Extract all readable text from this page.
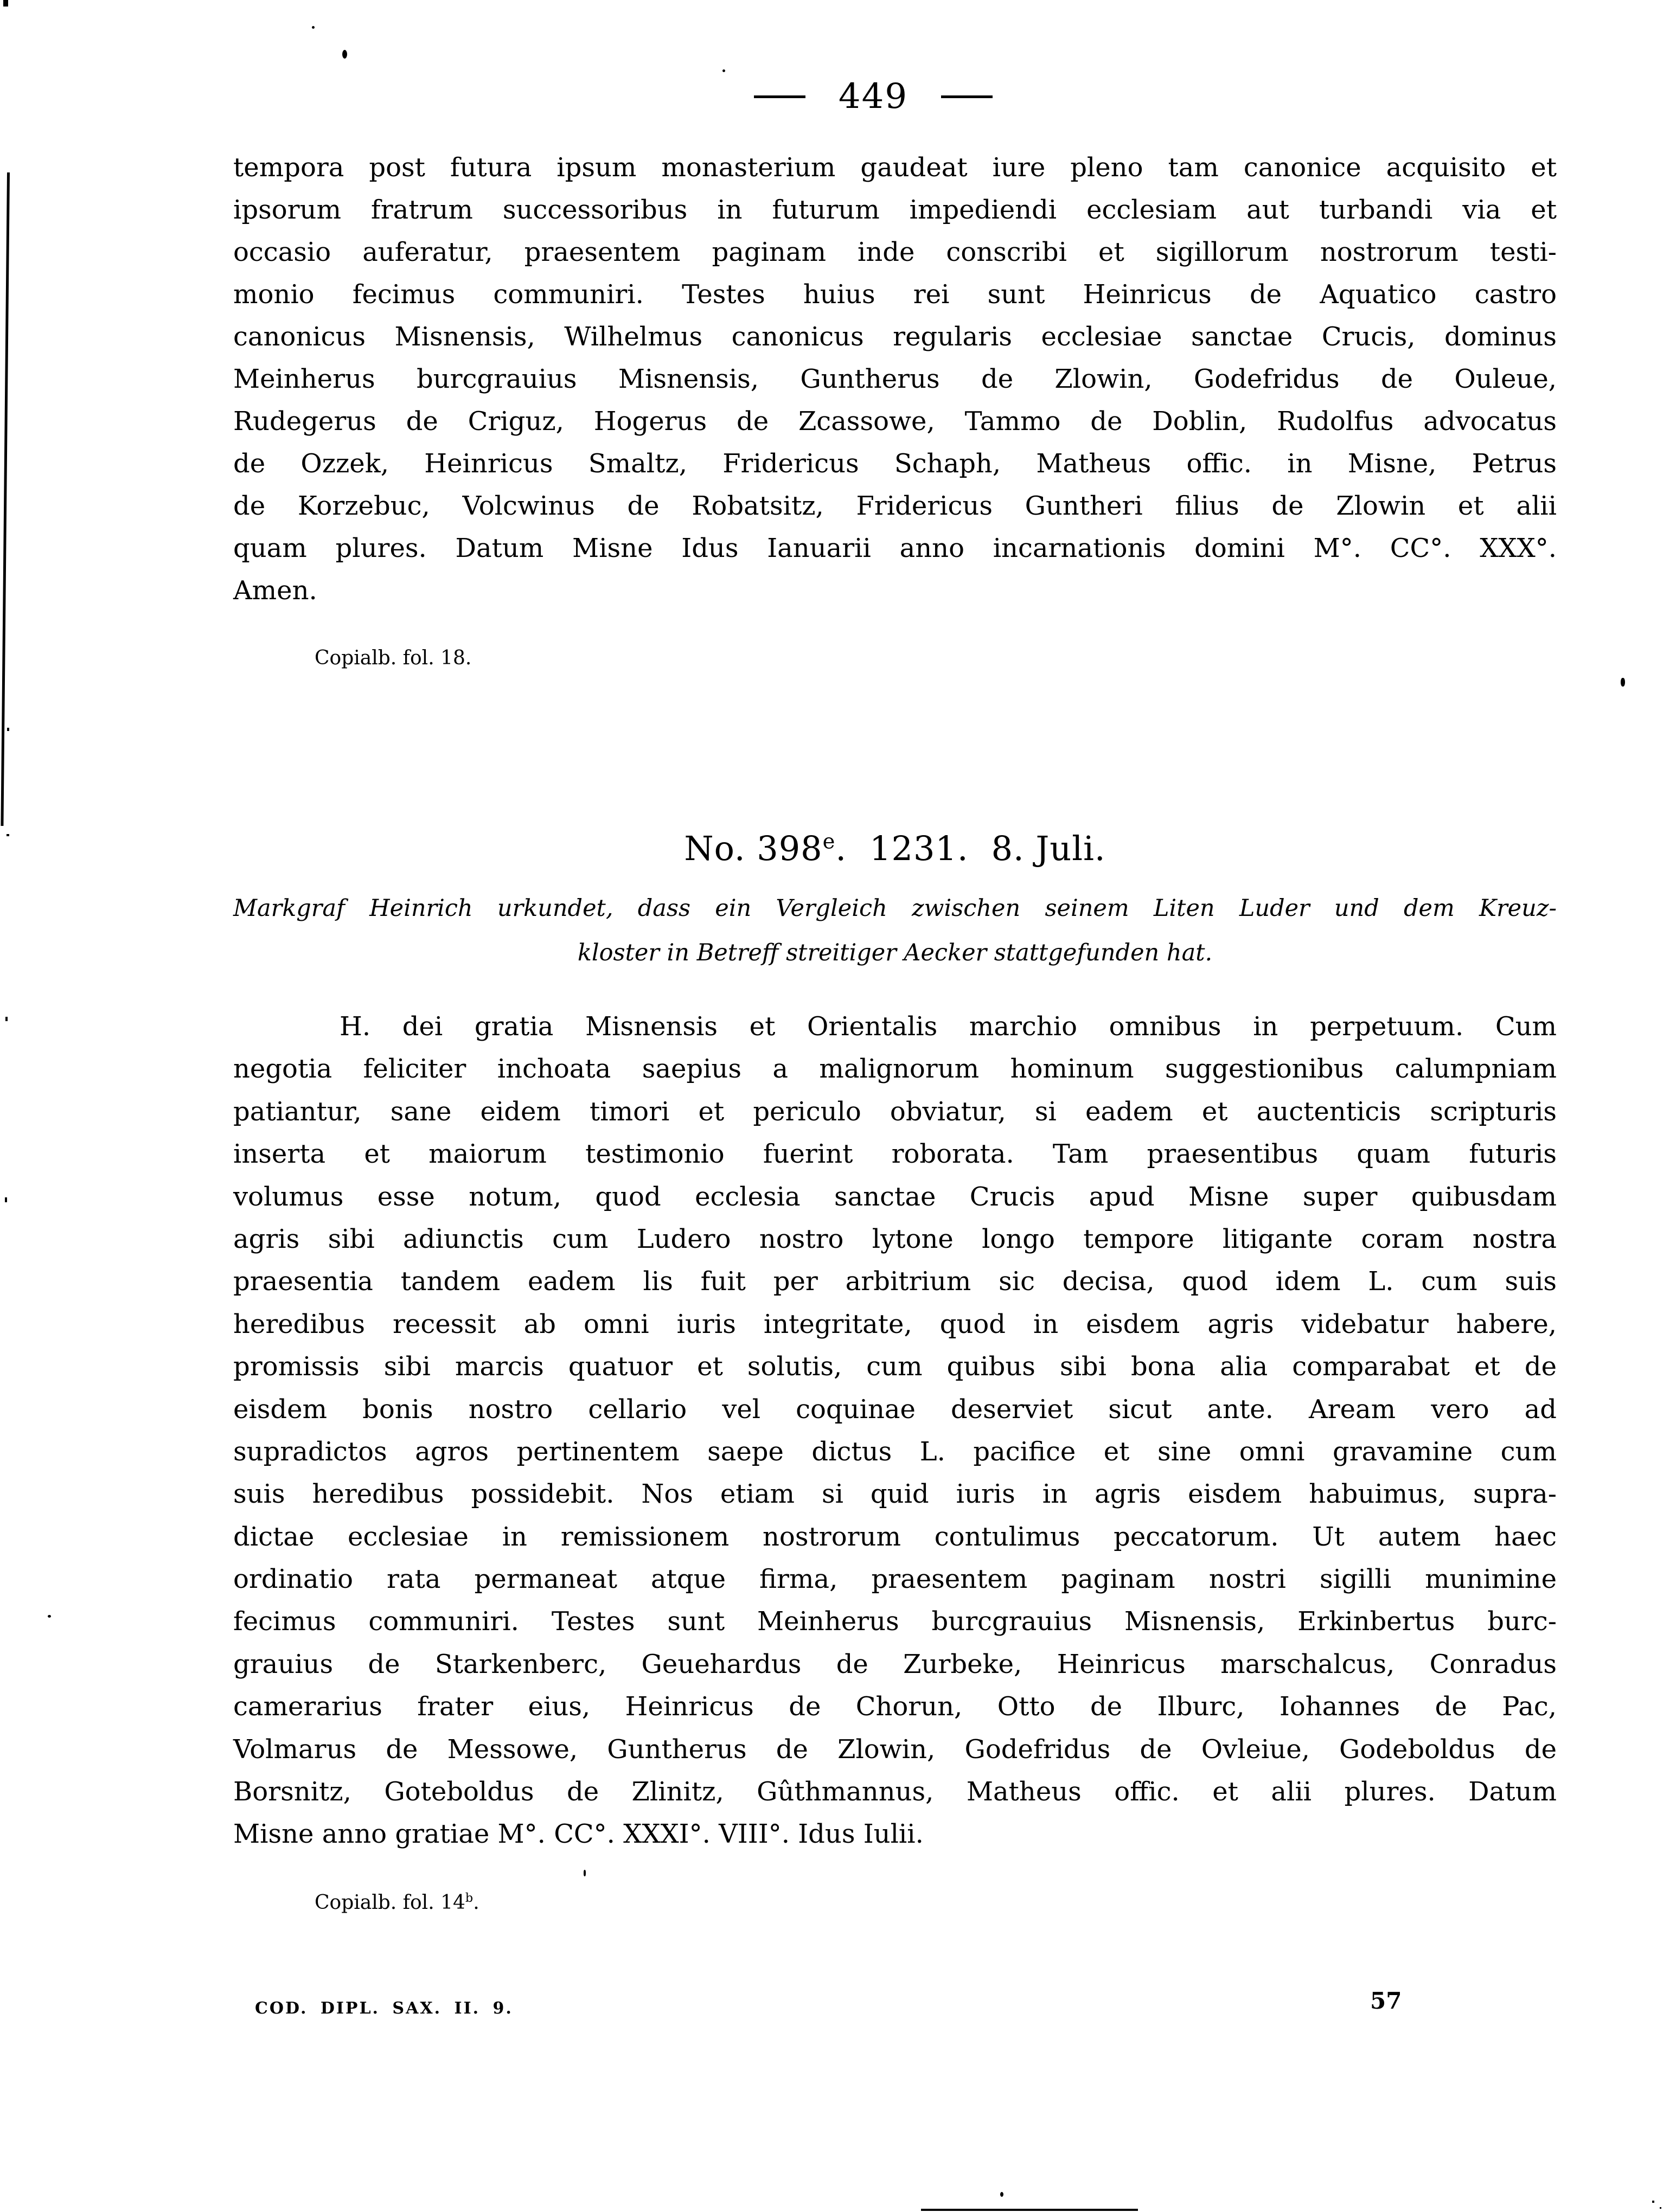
449
tempora post futura ipsum monasterium gaudeat iure pleno tam canonice acquisito et
ipsorum fratrum successoribus in futurum impediendi ecclesiam aut turbandi via et
occasio auferatur, praesentem paginam inde conscribi et sigillorum nostrorum testi-
monio fecimus communiri. Testes huius rei sunt Heinricus de Aquatico castro
canonicus Misnensis, Wilhelmus canonicus regularis ecclesiae sanctae Crucis, dominus
Meinherus burcgrauius Misnensis, Guntherus de Zlowin, Godefridus de Ouleue,
Rudegerus de Criguz, Hogerus de Zcassowe, Tammo de Doblin, Rudolfus advocatus
de Ozzek, Heinricus Smaltz, Fridericus Schaph, Matheus offic. in Misne, Petrus
de Korzebuc, Volcwinus de Robatsitz, Fridericus Guntheri filius de Zlowin et alii
quam plures. Datum Misne Idus Ianuarii anno incarnationis domini M°. CC°. XXX°.
Amen.
Copialb. fol. 18.
No. 398e. 1231. 8. Juli.
Markgraf Heinrich urkundet, dass ein Vergleich zwischen seinem Liten Luder und dem Kreuz-
kloster in Betreff streitiger Aecker stattgefunden hat.
H. dei gratia Misnensis et Orientalis marchio omnibus in perpetuum. Cum
negotia feliciter inchoata saepius a malignorum hominum suggestionibus calumpniam
patiantur, sane eidem timori et periculo obviatur, si eadem et auctenticis scripturis
inserta et maiorum testimonio fuerint roborata. Tam praesentibus quam futuris
volumus esse notum, quod ecclesia sanctae Crucis apud Misne super quibusdam
agris sibi adiunctis cum Ludero nostro lytone longo tempore litigante coram nostra
praesentia tandem eadem lis fuit per arbitrium sic decisa, quod idem L. cum suis
heredibus recessit ab omni iuris integritate, quod in eisdem agris videbatur habere,
promissis sibi marcis quatuor et solutis, cum quibus sibi bona alia comparabat et de
eisdem bonis nostro cellario vel coquinae deserviet sicut ante. Aream vero ad
supradictos agros pertinentem saepe dictus L. pacifice et sine omni gravamine cum
suis heredibus possidebit. Nos etiam si quid iuris in agris eisdem habuimus, supra-
dictae ecclesiae in remissionem nostrorum contulimus peccatorum. Ut autem haec
ordinatio rata permaneat atque firma, praesentem paginam nostri sigilli munimine
fecimus communiri. Testes sunt Meinherus burcgrauius Misnensis, Erkinbertus burc-
grauius de Starkenberc, Geuehardus de Zurbeke, Heinricus marschalcus, Conradus
camerarius frater eius, Heinricus de Chorun, Otto de Ilburc, Iohannes de Pac,
Volmarus de Messowe, Guntherus de Zlowin, Godefridus de Ovleiue, Godeboldus de
Borsnitz, Goteboldus de Zlinitz, Gûthmannus, Matheus offic. et alii plures. Datum
Misne anno gratiae M°. CC°. XXXI°. VIII°. Idus Iulii.
Copialb. fol. 14$^b$.
COD. DIPL. SAX. II. 9.	57
